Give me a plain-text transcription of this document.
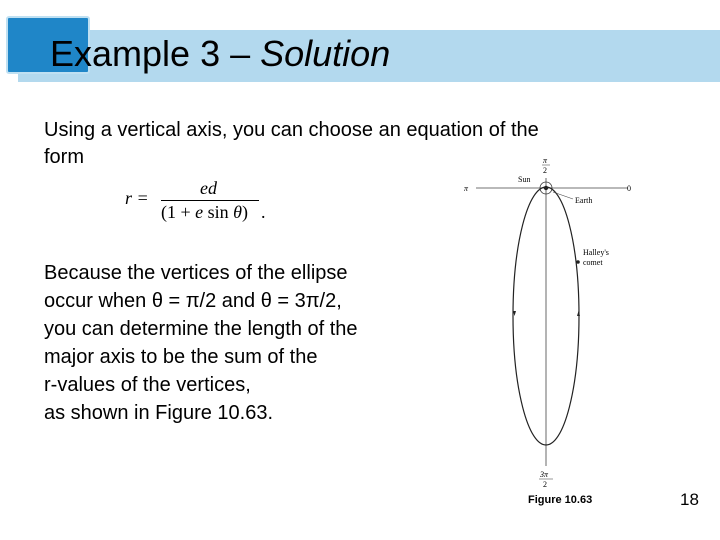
Example 3 – Solution
Using a vertical axis, you can choose an equation of the
form
r =	ed
(1 + e sin θ) .
Because the vertices of the ellipse
occur when θ = π/2 and θ = 3π/2,
you can determine the length of the
major axis to be the sum of the
r-values of the vertices,
as shown in Figure 10.63.
π
2
3π
2
π	0
Sun
Earth
Halley's
comet
Figure 10.63	18
